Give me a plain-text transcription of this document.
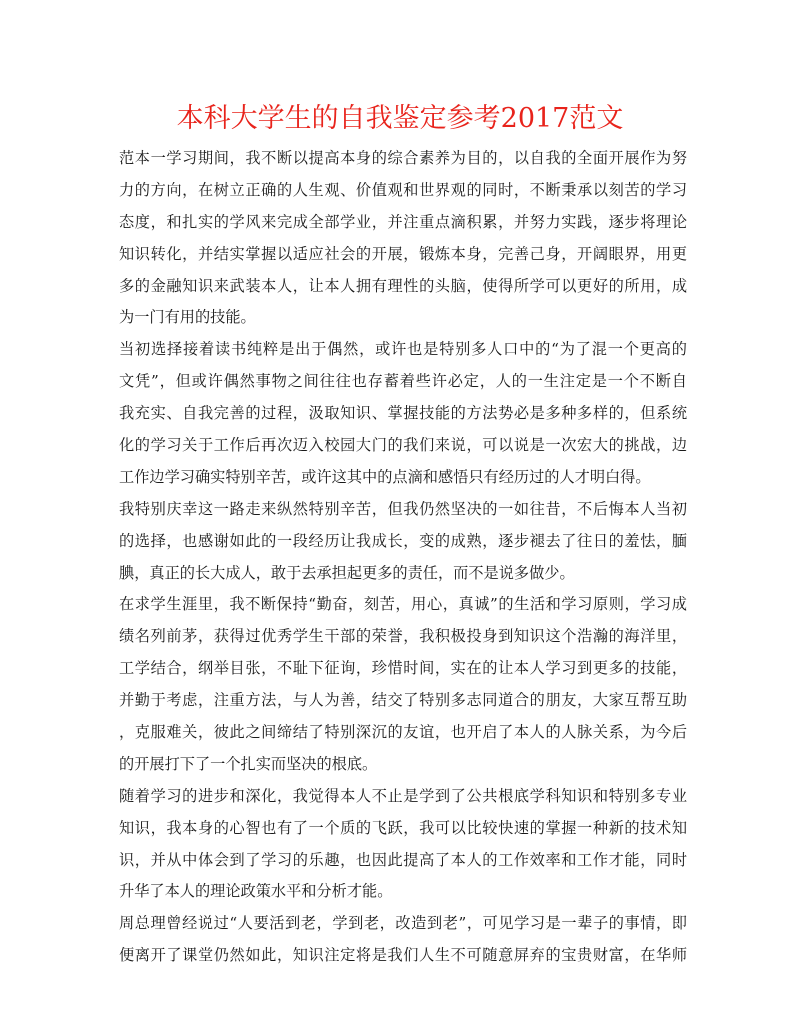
本科大学生的自我鉴定参考2017范文

范本一学习期间，我不断以提高本身的综合素养为目的，以自我的全面开展作为努
力的方向，在树立正确的人生观、价值观和世界观的同时，不断秉承以刻苦的学习
态度，和扎实的学风来完成全部学业，并注重点滴积累，并努力实践，逐步将理论
知识转化，并结实掌握以适应社会的开展，锻炼本身，完善己身，开阔眼界，用更
多的金融知识来武装本人，让本人拥有理性的头脑，使得所学可以更好的所用，成
为一门有用的技能。

当初选择接着读书纯粹是出于偶然，或许也是特别多人口中的“为了混一个更高的
文凭”，但或许偶然事物之间往往也存蓄着些许必定，人的一生注定是一个不断自
我充实、自我完善的过程，汲取知识、掌握技能的方法势必是多种多样的，但系统
化的学习关于工作后再次迈入校园大门的我们来说，可以说是一次宏大的挑战，边
工作边学习确实特别辛苦，或许这其中的点滴和感悟只有经历过的人才明白得。

我特别庆幸这一路走来纵然特别辛苦，但我仍然坚决的一如往昔，不后悔本人当初
的选择，也感谢如此的一段经历让我成长，变的成熟，逐步褪去了往日的羞怯，腼
腆，真正的长大成人，敢于去承担起更多的责任，而不是说多做少。

在求学生涯里，我不断保持“勤奋，刻苦，用心，真诚”的生活和学习原则，学习成
绩名列前茅，获得过优秀学生干部的荣誉，我积极投身到知识这个浩瀚的海洋里，
工学结合，纲举目张，不耻下征询，珍惜时间，实在的让本人学习到更多的技能，
并勤于考虑，注重方法，与人为善，结交了特别多志同道合的朋友，大家互帮互助
，克服难关，彼此之间缔结了特别深沉的友谊，也开启了本人的人脉关系，为今后
的开展打下了一个扎实而坚决的根底。

随着学习的进步和深化，我觉得本人不止是学到了公共根底学科知识和特别多专业
知识，我本身的心智也有了一个质的飞跃，我可以比较快速的掌握一种新的技术知
识，并从中体会到了学习的乐趣，也因此提高了本人的工作效率和工作才能，同时
升华了本人的理论政策水平和分析才能。

周总理曾经说过“人要活到老，学到老，改造到老”，可见学习是一辈子的事情，即
便离开了课堂仍然如此，知识注定将是我们人生不可随意屏弃的宝贵财富，在华师
